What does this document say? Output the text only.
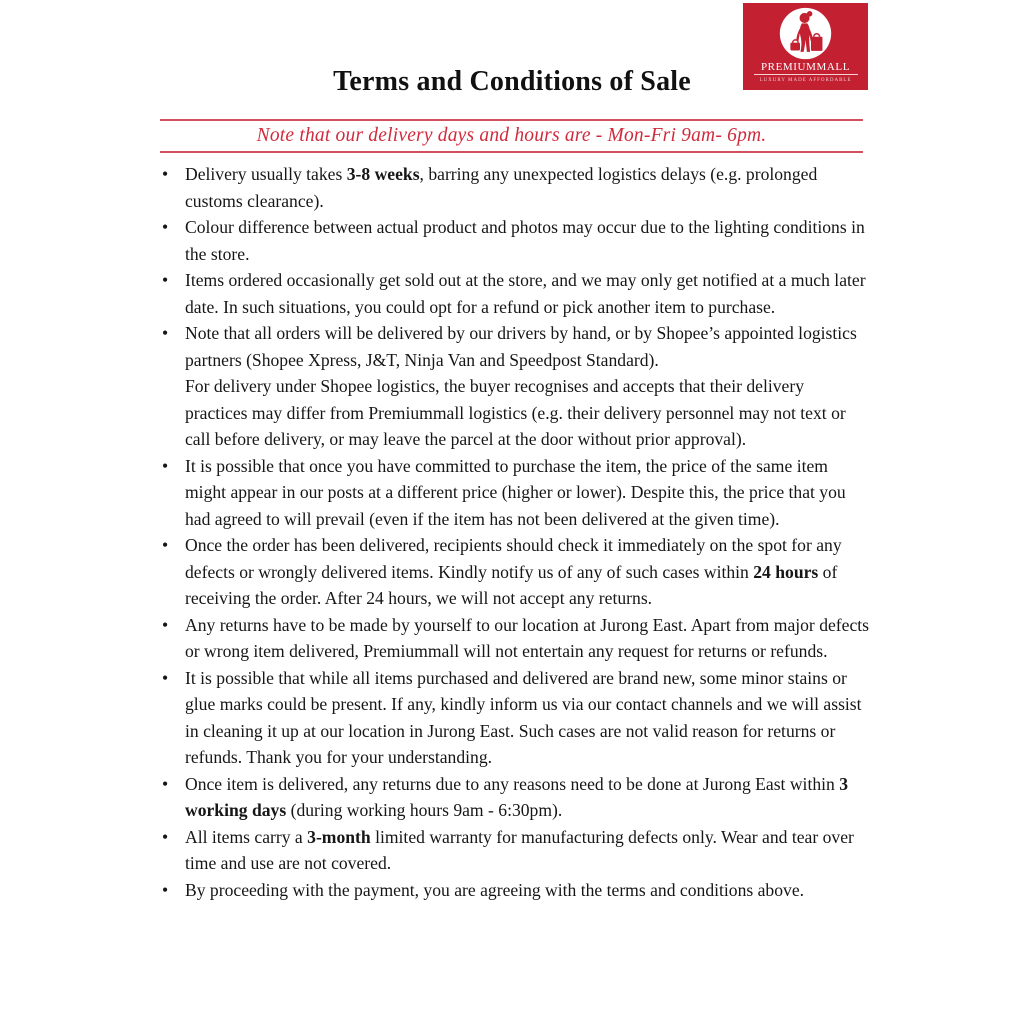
PREMIUMMALL
LUXURY MADE AFFORDABLE
Terms and Conditions of Sale
Note that our delivery days and hours are - Mon-Fri 9am- 6pm.
• Delivery usually takes 3-8 weeks, barring any unexpected logistics delays (e.g. prolonged customs clearance).
• Colour difference between actual product and photos may occur due to the lighting conditions in the store.
• Items ordered occasionally get sold out at the store, and we may only get notified at a much later date. In such situations, you could opt for a refund or pick another item to purchase.
• Note that all orders will be delivered by our drivers by hand, or by Shopee’s appointed logistics partners (Shopee Xpress, J&T, Ninja Van and Speedpost Standard).
For delivery under Shopee logistics, the buyer recognises and accepts that their delivery practices may differ from Premiummall logistics (e.g. their delivery personnel may not text or call before delivery, or may leave the parcel at the door without prior approval).
• It is possible that once you have committed to purchase the item, the price of the same item might appear in our posts at a different price (higher or lower). Despite this, the price that you had agreed to will prevail (even if the item has not been delivered at the given time).
• Once the order has been delivered, recipients should check it immediately on the spot for any defects or wrongly delivered items. Kindly notify us of any of such cases within 24 hours of receiving the order. After 24 hours, we will not accept any returns.
• Any returns have to be made by yourself to our location at Jurong East. Apart from major defects or wrong item delivered, Premiummall will not entertain any request for returns or refunds.
• It is possible that while all items purchased and delivered are brand new, some minor stains or glue marks could be present. If any, kindly inform us via our contact channels and we will assist in cleaning it up at our location in Jurong East. Such cases are not valid reason for returns or refunds. Thank you for your understanding.
• Once item is delivered, any returns due to any reasons need to be done at Jurong East within 3 working days (during working hours 9am - 6:30pm).
• All items carry a 3-month limited warranty for manufacturing defects only. Wear and tear over time and use are not covered.
• By proceeding with the payment, you are agreeing with the terms and conditions above.
